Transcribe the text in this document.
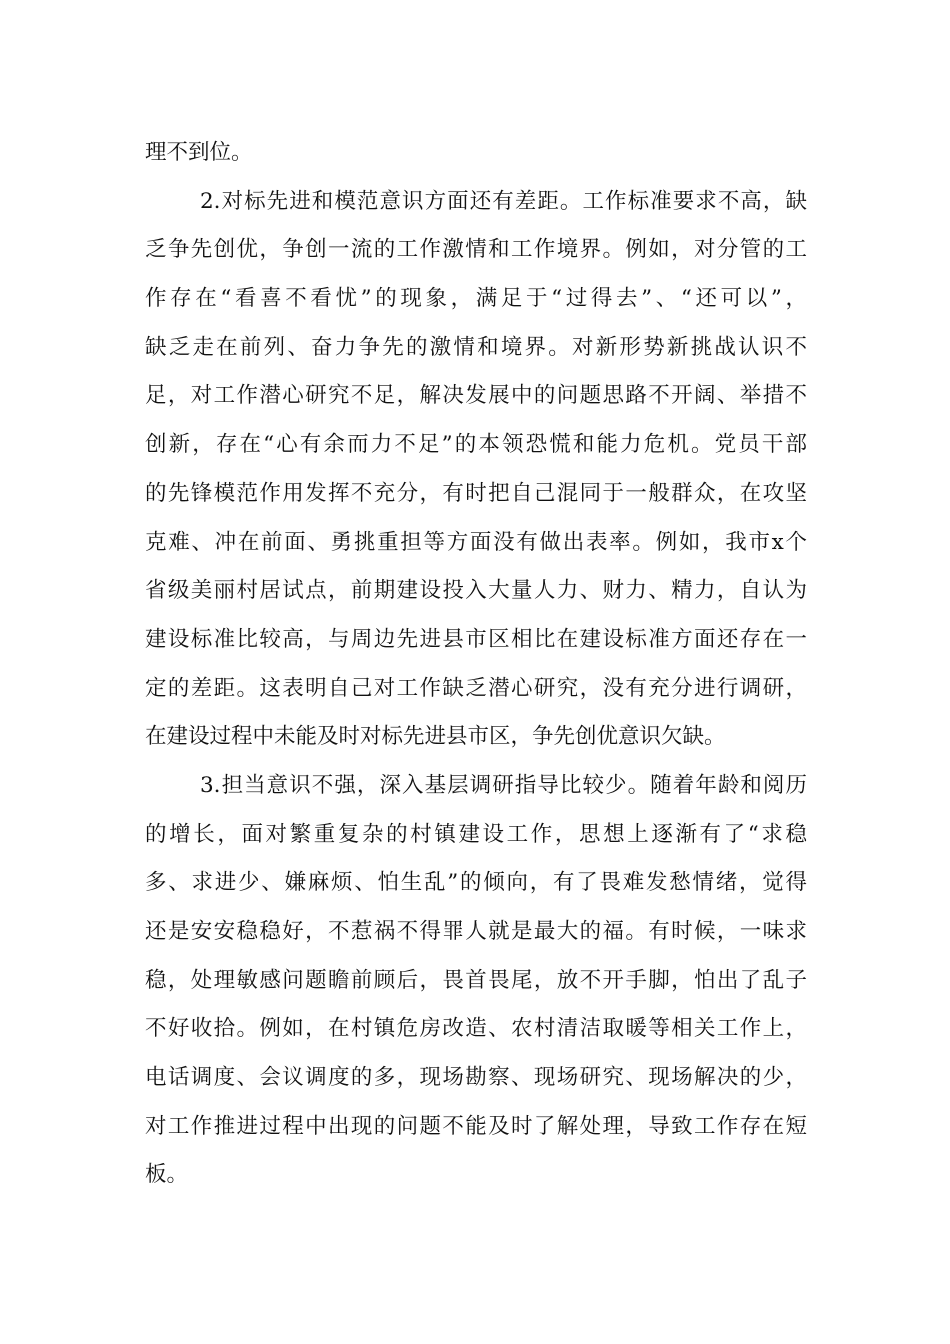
理不到位。
2.对标先进和模范意识方面还有差距。工作标准要求不高，缺
乏争先创优，争创一流的工作激情和工作境界。例如，对分管的工
作存在“看喜不看忧”的现象，满足于“过得去”、“还可以”，
缺乏走在前列、奋力争先的激情和境界。对新形势新挑战认识不
足，对工作潜心研究不足，解决发展中的问题思路不开阔、举措不
创新，存在“心有余而力不足”的本领恐慌和能力危机。党员干部
的先锋模范作用发挥不充分，有时把自己混同于一般群众，在攻坚
克难、冲在前面、勇挑重担等方面没有做出表率。例如，我市x个
省级美丽村居试点，前期建设投入大量人力、财力、精力，自认为
建设标准比较高，与周边先进县市区相比在建设标准方面还存在一
定的差距。这表明自己对工作缺乏潜心研究，没有充分进行调研，
在建设过程中未能及时对标先进县市区，争先创优意识欠缺。
3.担当意识不强，深入基层调研指导比较少。随着年龄和阅历
的增长，面对繁重复杂的村镇建设工作，思想上逐渐有了“求稳
多、求进少、嫌麻烦、怕生乱”的倾向，有了畏难发愁情绪，觉得
还是安安稳稳好，不惹祸不得罪人就是最大的福。有时候，一味求
稳，处理敏感问题瞻前顾后，畏首畏尾，放不开手脚，怕出了乱子
不好收拾。例如，在村镇危房改造、农村清洁取暖等相关工作上，
电话调度、会议调度的多，现场勘察、现场研究、现场解决的少，
对工作推进过程中出现的问题不能及时了解处理，导致工作存在短
板。
